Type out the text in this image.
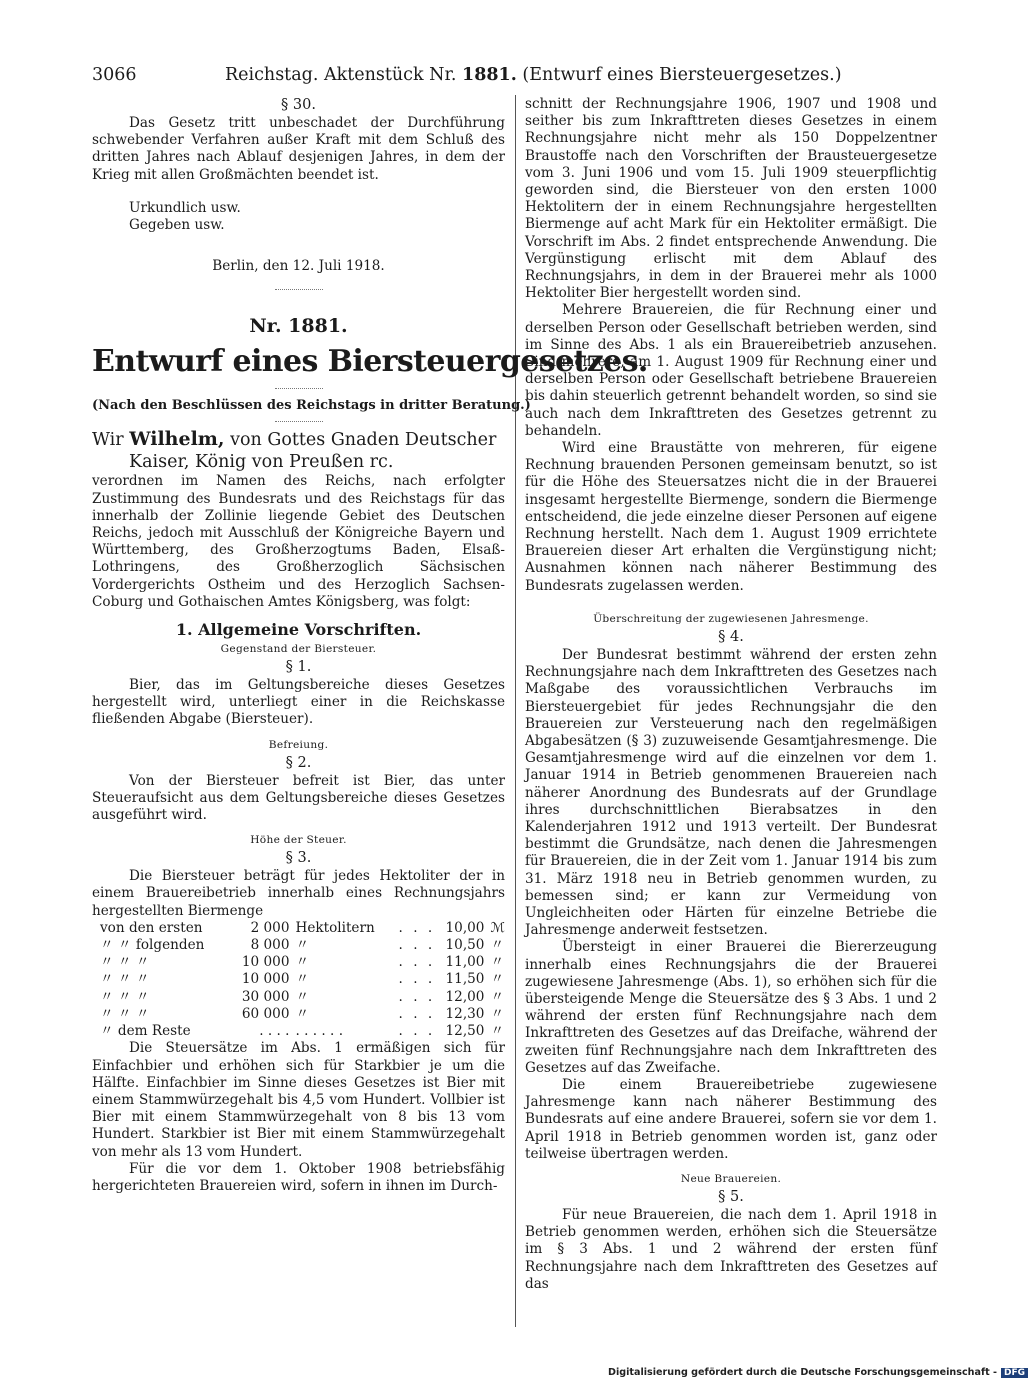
3066	Reichstag. Aktenstück Nr. 1881. (Entwurf eines Biersteuergesetzes.)
§ 30.

Das Gesetz tritt unbeschadet der Durchführung schwebender Verfahren außer Kraft mit dem Schluß des dritten Jahres nach Ablauf desjenigen Jahres, in dem der Krieg mit allen Großmächten beendet ist.

Urkundlich usw.

Gegeben usw.

Berlin, den 12. Juli 1918.
Nr. 1881.
Entwurf eines Biersteuergesetzes.
(Nach den Beschlüssen des Reichstags in dritter Beratung.)
Wir Wilhelm, von Gottes Gnaden Deutscher
Kaiser, König von Preußen rc.

verordnen im Namen des Reichs, nach erfolgter Zustimmung des Bundesrats und des Reichstags für das innerhalb der Zollinie liegende Gebiet des Deutschen Reichs, jedoch mit Ausschluß der Königreiche Bayern und Württemberg, des Großherzogtums Baden, Elsaß-Lothringens, des Großherzoglich Sächsischen Vordergerichts Ostheim und des Herzoglich Sachsen-Coburg und Gothaischen Amtes Königsberg, was folgt:

1. Allgemeine Vorschriften.
Gegenstand der Biersteuer.
§ 1.

Bier, das im Geltungsbereiche dieses Gesetzes hergestellt wird, unterliegt einer in die Reichskasse fließenden Abgabe (Biersteuer).

Befreiung.
§ 2.

Von der Biersteuer befreit ist Bier, das unter Steueraufsicht aus dem Geltungsbereiche dieses Gesetzes ausgeführt wird.

Höhe der Steuer.
§ 3.

Die Biersteuer beträgt für jedes Hektoliter der in einem Brauereibetrieb innerhalb eines Rechnungsjahrs hergestellten Biermenge

von den ersten	2 000	Hektolitern	. . .	10,00	ℳ
〃 〃 folgenden	8 000	〃	. . .	10,50	〃
〃 〃 〃	10 000	〃	. . .	11,00	〃
〃 〃 〃	10 000	〃	. . .	11,50	〃
〃 〃 〃	30 000	〃	. . .	12,00	〃
〃 〃 〃	60 000	〃	. . .	12,30	〃
〃 dem Reste	. . . .	. . . . . .	. . .	12,50	〃

Die Steuersätze im Abs. 1 ermäßigen sich für Einfachbier und erhöhen sich für Starkbier je um die Hälfte. Einfachbier im Sinne dieses Gesetzes ist Bier mit einem Stammwürzegehalt bis 4,5 vom Hundert. Vollbier ist Bier mit einem Stammwürzegehalt von 8 bis 13 vom Hundert. Starkbier ist Bier mit einem Stammwürzegehalt von mehr als 13 vom Hundert.

Für die vor dem 1. Oktober 1908 betriebsfähig hergerichteten Brauereien wird, sofern in ihnen im Durch-

schnitt der Rechnungsjahre 1906, 1907 und 1908 und seither bis zum Inkrafttreten dieses Gesetzes in einem Rechnungsjahre nicht mehr als 150 Doppelzentner Braustoffe nach den Vorschriften der Brausteuergesetze vom 3. Juni 1906 und vom 15. Juli 1909 steuerpflichtig geworden sind, die Biersteuer von den ersten 1000 Hektolitern der in einem Rechnungsjahre hergestellten Biermenge auf acht Mark für ein Hektoliter ermäßigt. Die Vorschrift im Abs. 2 findet entsprechende Anwendung. Die Vergünstigung erlischt mit dem Ablauf des Rechnungsjahrs, in dem in der Brauerei mehr als 1000 Hektoliter Bier hergestellt worden sind.

Mehrere Brauereien, die für Rechnung einer und derselben Person oder Gesellschaft betrieben werden, sind im Sinne des Abs. 1 als ein Brauereibetrieb anzusehen. Sind mehrere, am 1. August 1909 für Rechnung einer und derselben Person oder Gesellschaft betriebene Brauereien bis dahin steuerlich getrennt behandelt worden, so sind sie auch nach dem Inkrafttreten des Gesetzes getrennt zu behandeln.

Wird eine Braustätte von mehreren, für eigene Rechnung brauenden Personen gemeinsam benutzt, so ist für die Höhe des Steuersatzes nicht die in der Brauerei insgesamt hergestellte Biermenge, sondern die Biermenge entscheidend, die jede einzelne dieser Personen auf eigene Rechnung herstellt. Nach dem 1. August 1909 errichtete Brauereien dieser Art erhalten die Vergünstigung nicht; Ausnahmen können nach näherer Bestimmung des Bundesrats zugelassen werden.

Überschreitung der zugewiesenen Jahresmenge.
§ 4.

Der Bundesrat bestimmt während der ersten zehn Rechnungsjahre nach dem Inkrafttreten des Gesetzes nach Maßgabe des voraussichtlichen Verbrauchs im Biersteuergebiet für jedes Rechnungsjahr die den Brauereien zur Versteuerung nach den regelmäßigen Abgabesätzen (§ 3) zuzuweisende Gesamtjahresmenge. Die Gesamtjahresmenge wird auf die einzelnen vor dem 1. Januar 1914 in Betrieb genommenen Brauereien nach näherer Anordnung des Bundesrats auf der Grundlage ihres durchschnittlichen Bierabsatzes in den Kalenderjahren 1912 und 1913 verteilt. Der Bundesrat bestimmt die Grundsätze, nach denen die Jahresmengen für Brauereien, die in der Zeit vom 1. Januar 1914 bis zum 31. März 1918 neu in Betrieb genommen wurden, zu bemessen sind; er kann zur Vermeidung von Ungleichheiten oder Härten für einzelne Betriebe die Jahresmenge anderweit festsetzen.

Übersteigt in einer Brauerei die Biererzeugung innerhalb eines Rechnungsjahrs die der Brauerei zugewiesene Jahresmenge (Abs. 1), so erhöhen sich für die übersteigende Menge die Steuersätze des § 3 Abs. 1 und 2 während der ersten fünf Rechnungsjahre nach dem Inkrafttreten des Gesetzes auf das Dreifache, während der zweiten fünf Rechnungsjahre nach dem Inkrafttreten des Gesetzes auf das Zweifache.

Die einem Brauereibetriebe zugewiesene Jahresmenge kann nach näherer Bestimmung des Bundesrats auf eine andere Brauerei, sofern sie vor dem 1. April 1918 in Betrieb genommen worden ist, ganz oder teilweise übertragen werden.

Neue Brauereien.
§ 5.

Für neue Brauereien, die nach dem 1. April 1918 in Betrieb genommen werden, erhöhen sich die Steuersätze im § 3 Abs. 1 und 2 während der ersten fünf Rechnungsjahre nach dem Inkrafttreten des Gesetzes auf das

Digitalisierung gefördert durch die Deutsche Forschungsgemeinschaft - DFG
